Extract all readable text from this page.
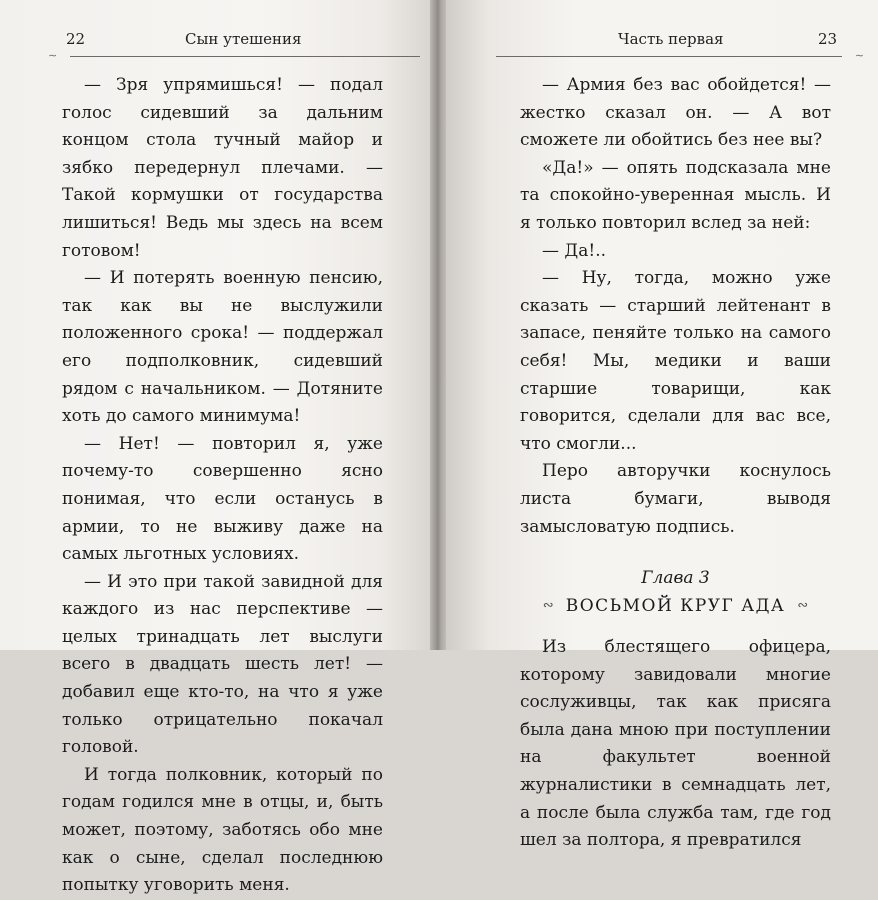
22	Сын утешения
∼

— Зря упрямишься! — подал голос сидевший за дальним концом стола тучный майор и зябко передернул плечами. — Такой кормушки от государства лишиться! Ведь мы здесь на всем готовом!

— И потерять военную пенсию, так как вы не выслужили положенного срока! — поддержал его подполковник, сидевший рядом с начальником. — Дотяните хоть до самого минимума!

— Нет! — повторил я, уже почему-то совершенно ясно понимая, что если останусь в армии, то не выживу даже на самых льготных условиях.

— И это при такой завидной для каждого из нас перспективе — целых тринадцать лет выслуги всего в двадцать шесть лет! — добавил еще кто-то, на что я уже только отрицательно покачал головой.

И тогда полковник, который по годам годился мне в отцы, и, быть может, поэтому, заботясь обо мне как о сыне, сделал последнюю попытку уговорить меня.

Часть первая	23
∼

— Армия без вас обойдется! — жестко сказал он. — А вот сможете ли обойтись без нее вы?

«Да!» — опять подсказала мне та спокойно-уверенная мысль. И я только повторил вслед за ней:

— Да!..

— Ну, тогда, можно уже сказать — старший лейтенант в запасе, пеняйте только на самого себя! Мы, медики и ваши старшие товарищи, как говорится, сделали для вас все, что смогли...

Перо авторучки коснулось листа бумаги, выводя замысловатую подпись.

Глава 3
∾ ВОСЬМОЙ КРУГ АДА ∾

Из блестящего офицера, которому завидовали многие сослуживцы, так как присяга была дана мною при поступлении на факультет военной журналистики в семнадцать лет, а после была служба там, где год шел за полтора, я превратился
